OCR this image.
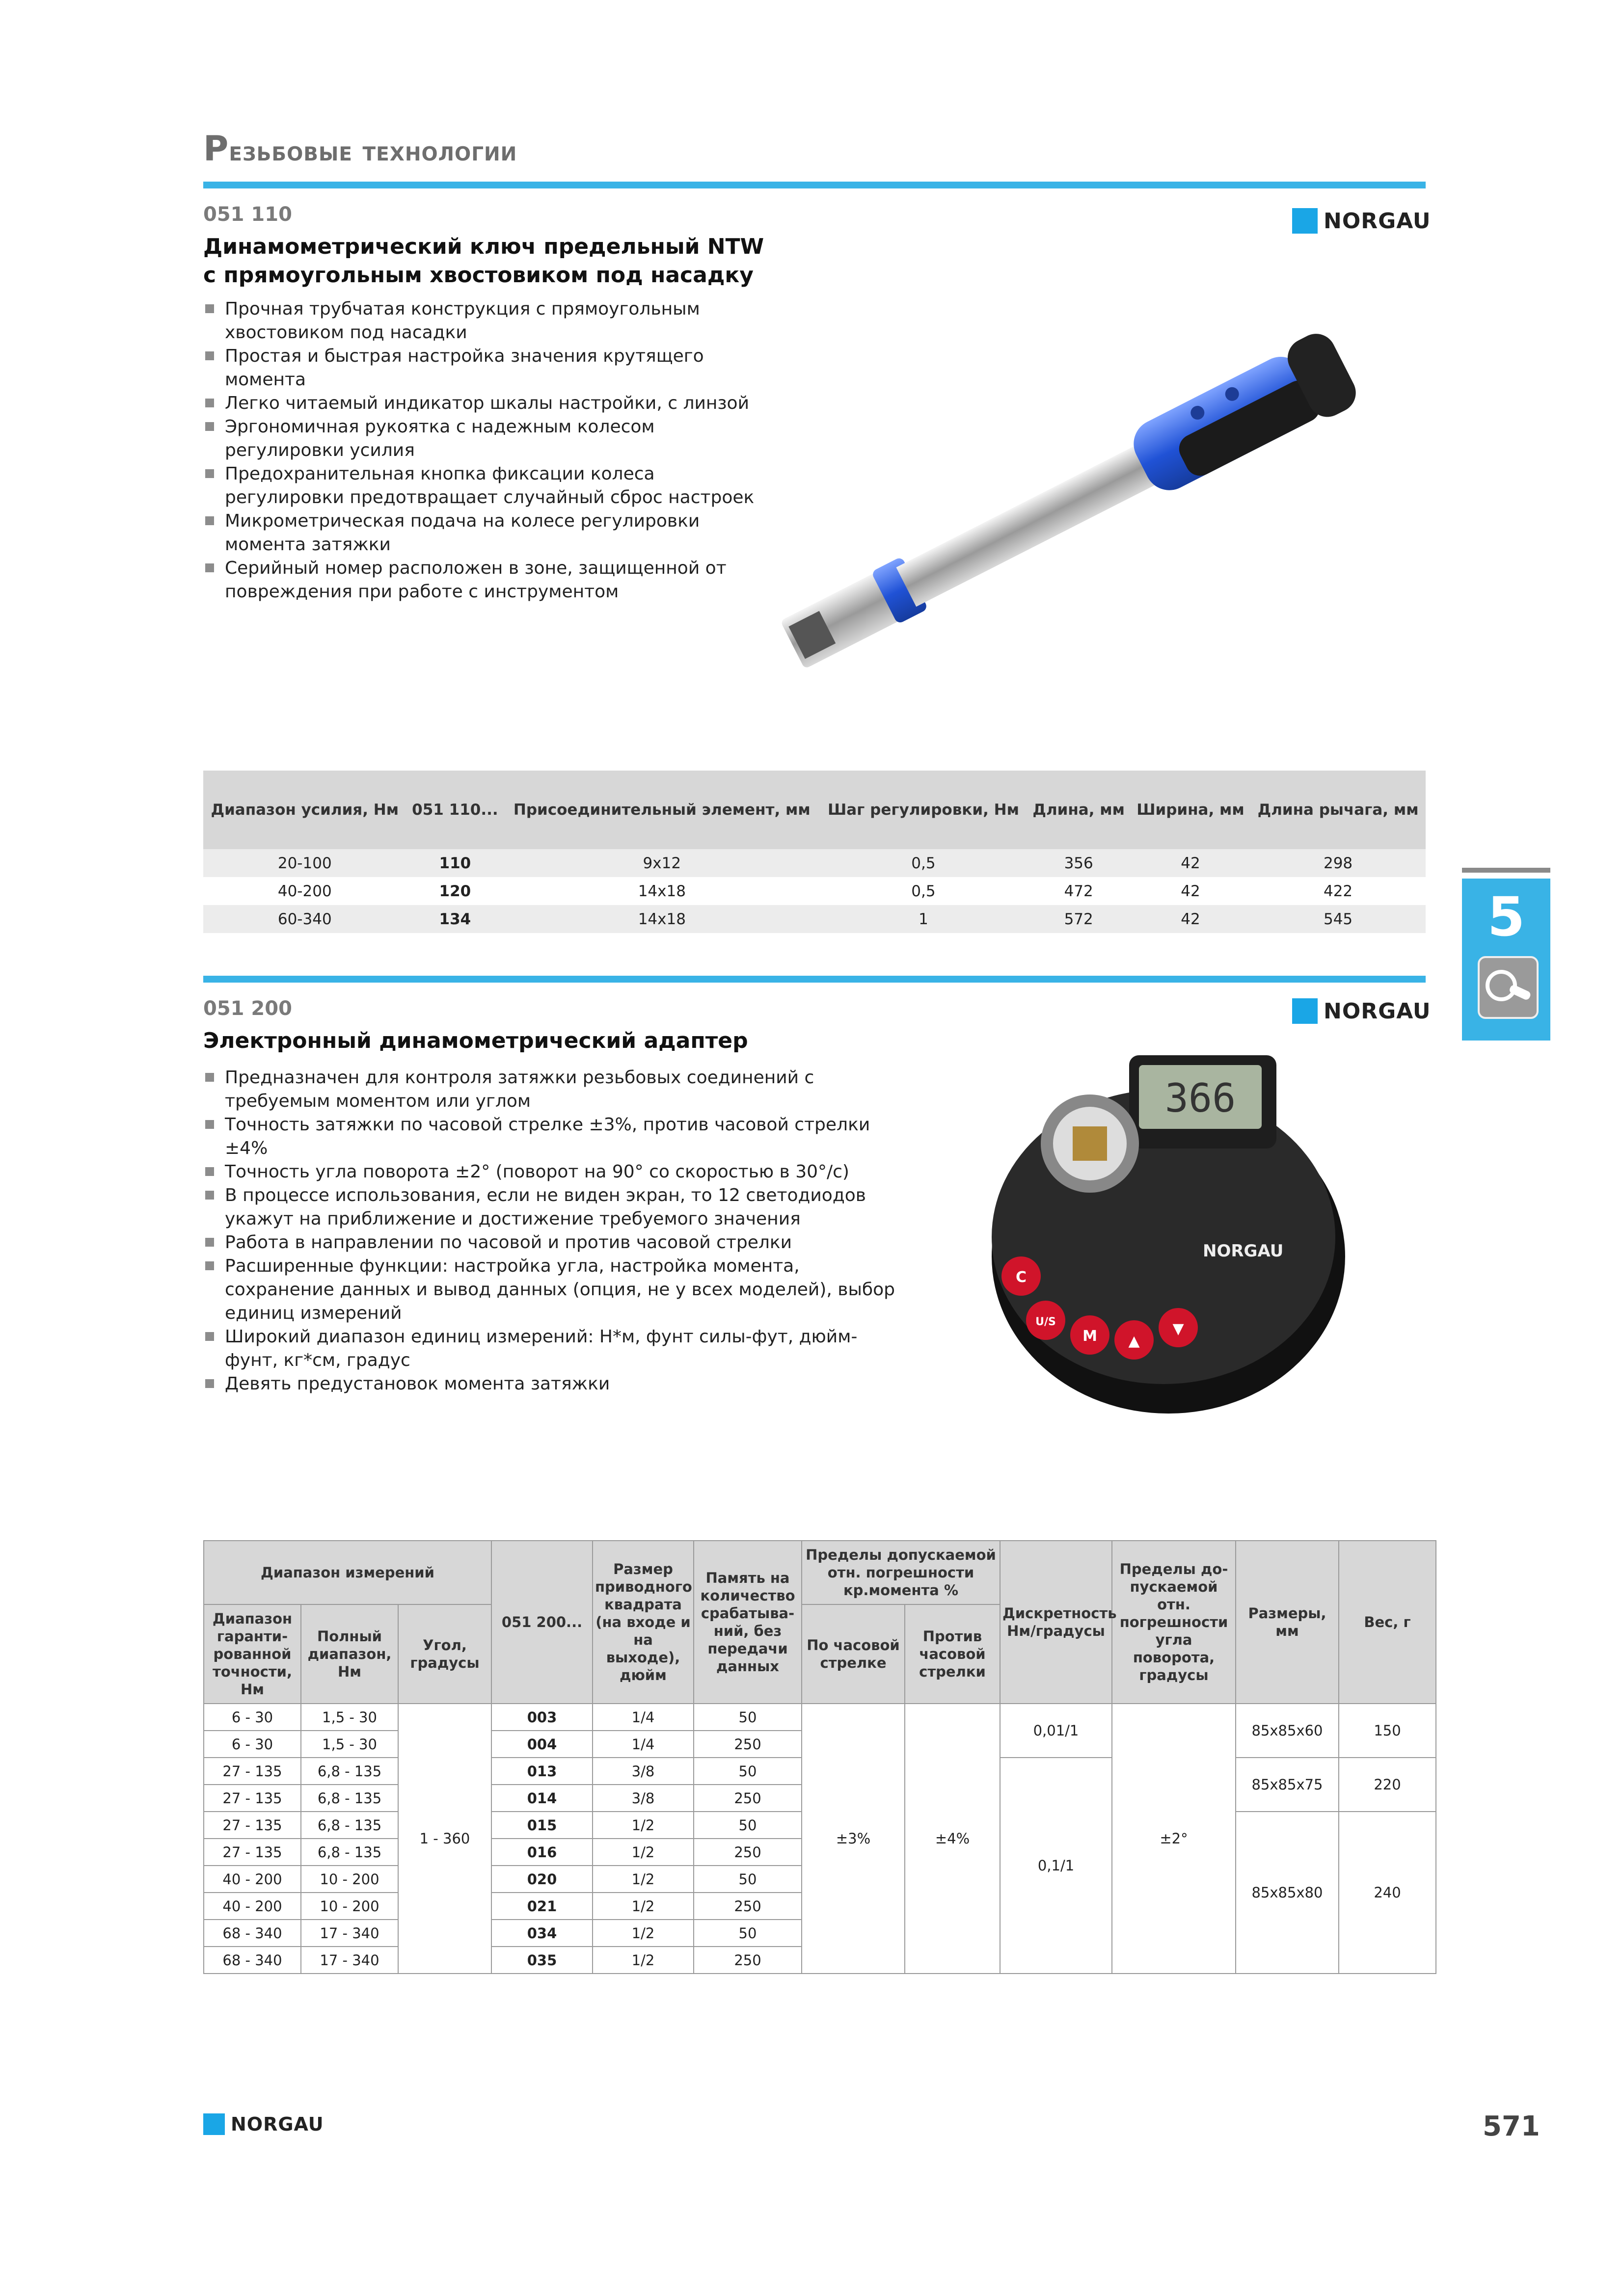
Резьбовые технологии
051 110	NORGAU
Динамометрический ключ предельный NTW
с прямоугольным хвостовиком под насадку
Прочная трубчатая конструкция с прямоугольным хвостовиком под насадки
Простая и быстрая настройка значения крутящего момента
Легко читаемый индикатор шкалы настройки, с линзой
Эргономичная рукоятка с надежным колесом регулировки усилия
Предохранительная кнопка фиксации колеса регулировки предотвращает случайный сброс настроек
Микрометрическая подача на колесе регулировки момента затяжки
Серийный номер расположен в зоне, защищенной от повреждения при работе с инструментом
Диапазон усилия, Нм	051 110...	Присоединительный элемент, мм	Шаг регулировки, Нм	Длина, мм	Ширина, мм	Длина рычага, мм
20-100	110	9x12	0,5	356	42	298
40-200	120	14x18	0,5	472	42	422
60-340	134	14x18	1	572	42	545	5
051 200	NORGAU
Электронный динамометрический адаптер
Предназначен для контроля затяжки резьбовых соединений с требуемым моментом или углом
Точность затяжки по часовой стрелке ±3%, против часовой стрелки ±4%
Точность угла поворота ±2° (поворот на 90° со скоростью в 30°/с)
В процессе использования, если не виден экран, то 12 светодиодов укажут на приближение и достижение требуемого значения
Работа в направлении по часовой и против часовой стрелки
Расширенные функции: настройка угла, настройка момента, сохранение данных и вывод данных (опция, не у всех моделей), выбор единиц измерений
Широкий диапазон единиц измерений: Н*м, фунт силы-фут, дюйм-фунт, кг*см, градус
Девять предустановок момента затяжки
366
NORGAU
C
U/S
M ▲
▼
Диапазон измерений			051 200...	Размер приводного квадрата (на входе и на выходе), дюйм	Память на количество срабатыва-ний, без передачи данных	Пределы допускаемой отн. погрешности кр.момента %		Дискретность Нм/градусы	Пределы до-пускаемой отн. погрешности угла поворота, градусы	Размеры, мм	Вес, г
Диапазон гаранти-рованной точности, Нм	Полный диапазон, Нм	Угол, градусы				По часовой стрелке	Против часовой стрелки				
6 - 30	1,5 - 30	1 - 360	003	1/4	50	±3%	±4%	0,01/1	±2°	85x85x60	150
6 - 30	1,5 - 30		004	1/4	250						
27 - 135	6,8 - 135		013	3/8	50			0,1/1		85x85x75	220
27 - 135	6,8 - 135		014	3/8	250						
27 - 135	6,8 - 135		015	1/2	50					85x85x80	240
27 - 135	6,8 - 135		016	1/2	250						
40 - 200	10 - 200		020	1/2	50						
40 - 200	10 - 200		021	1/2	250						
68 - 340	17 - 340		034	1/2	50						
68 - 340	17 - 340		035	1/2	250						
NORGAU	571
